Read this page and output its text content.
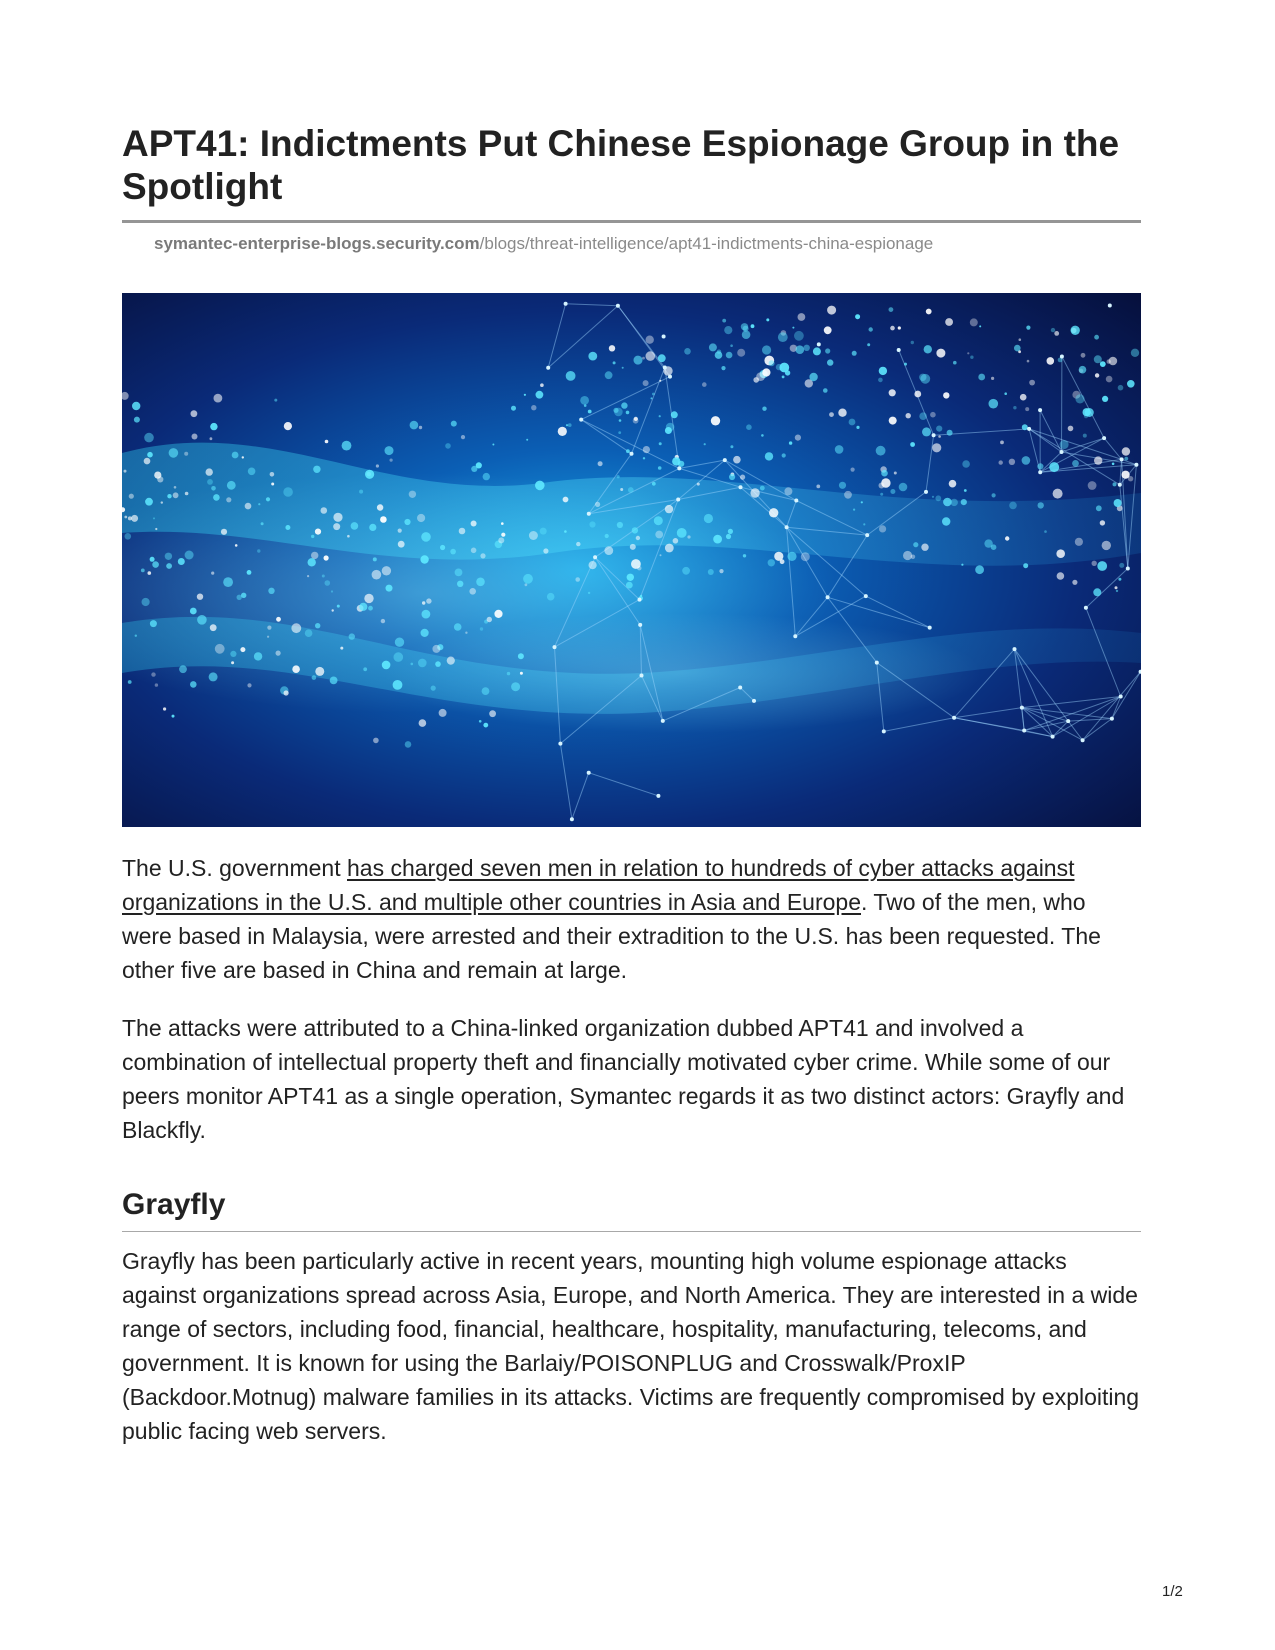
APT41: Indictments Put Chinese Espionage Group in the Spotlight
symantec-enterprise-blogs.security.com/blogs/threat-intelligence/apt41-indictments-china-espionage

The U.S. government has charged seven men in relation to hundreds of cyber attacks against organizations in the U.S. and multiple other countries in Asia and Europe. Two of the men, who were based in Malaysia, were arrested and their extradition to the U.S. has been requested. The other five are based in China and remain at large.

The attacks were attributed to a China-linked organization dubbed APT41 and involved a combination of intellectual property theft and financially motivated cyber crime. While some of our peers monitor APT41 as a single operation, Symantec regards it as two distinct actors: Grayfly and Blackfly.

Grayfly

Grayfly has been particularly active in recent years, mounting high volume espionage attacks against organizations spread across Asia, Europe, and North America. They are interested in a wide range of sectors, including food, financial, healthcare, hospitality, manufacturing, telecoms, and government. It is known for using the Barlaiy/POISONPLUG and Crosswalk/ProxIP (Backdoor.Motnug) malware families in its attacks. Victims are frequently compromised by exploiting public facing web servers.

1/2
